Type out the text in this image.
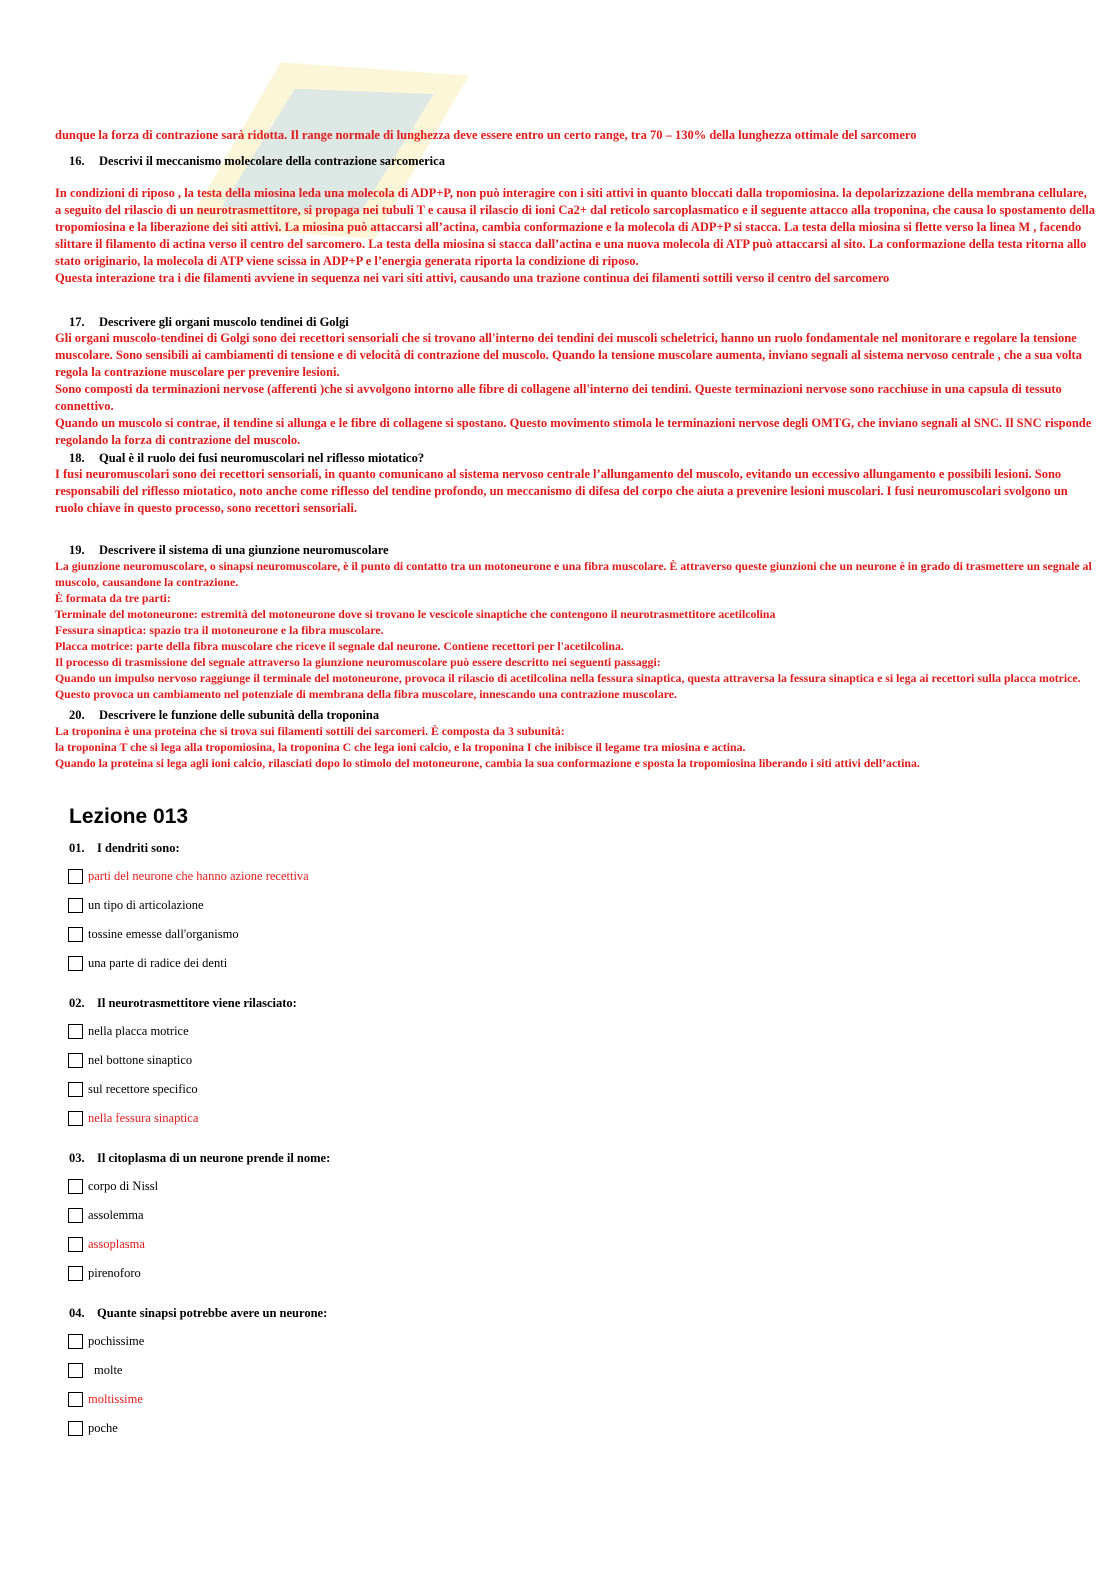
dunque la forza di contrazione sarà ridotta. Il range normale di lunghezza deve essere entro un certo range, tra 70 – 130% della lunghezza ottimale del sarcomero
16. Descrivi il meccanismo molecolare della contrazione sarcomerica
In condizioni di riposo , la testa della miosina leda una molecola di ADP+P, non può interagire con i siti attivi in quanto bloccati dalla tropomiosina. la depolarizzazione della membrana cellulare, a seguito del rilascio di un neurotrasmettitore, si propaga nei tubuli T e causa il rilascio di ioni Ca2+ dal reticolo sarcoplasmatico e il seguente attacco alla troponina, che causa lo spostamento della tropomiosina e la liberazione dei siti attivi. La miosina può attaccarsi all’actina, cambia conformazione e la molecola di ADP+P si stacca. La testa della miosina si flette verso la linea M , facendo slittare il filamento di actina verso il centro del sarcomero. La testa della miosina si stacca dall’actina e una nuova molecola di ATP può attaccarsi al sito. La conformazione della testa ritorna allo stato originario, la molecola di ATP viene scissa in ADP+P e l’energia generata riporta la condizione di riposo.
Questa interazione tra i die filamenti avviene in sequenza nei vari siti attivi, causando una trazione continua dei filamenti sottili verso il centro del sarcomero
17. Descrivere gli organi muscolo tendinei di Golgi
Gli organi muscolo-tendinei di Golgi sono dei recettori sensoriali che si trovano all'interno dei tendini dei muscoli scheletrici, hanno un ruolo fondamentale nel monitorare e regolare la tensione muscolare. Sono sensibili ai cambiamenti di tensione e di velocità di contrazione del muscolo. Quando la tensione muscolare aumenta, inviano segnali al sistema nervoso centrale , che a sua volta regola la contrazione muscolare per prevenire lesioni.
Sono composti da terminazioni nervose (afferenti )che si avvolgono intorno alle fibre di collagene all'interno dei tendini. Queste terminazioni nervose sono racchiuse in una capsula di tessuto connettivo.
Quando un muscolo si contrae, il tendine si allunga e le fibre di collagene si spostano. Questo movimento stimola le terminazioni nervose degli OMTG, che inviano segnali al SNC. Il SNC risponde regolando la forza di contrazione del muscolo.
18. Qual è il ruolo dei fusi neuromuscolari nel riflesso miotatico?
I fusi neuromuscolari sono dei recettori sensoriali, in quanto comunicano al sistema nervoso centrale l’allungamento del muscolo, evitando un eccessivo allungamento e possibili lesioni. Sono responsabili del riflesso miotatico, noto anche come riflesso del tendine profondo, un meccanismo di difesa del corpo che aiuta a prevenire lesioni muscolari. I fusi neuromuscolari svolgono un ruolo chiave in questo processo, sono recettori sensoriali.
19. Descrivere il sistema di una giunzione neuromuscolare
La giunzione neuromuscolare, o sinapsi neuromuscolare, è il punto di contatto tra un motoneurone e una fibra muscolare. È attraverso queste giunzioni che un neurone è in grado di trasmettere un segnale al muscolo, causandone la contrazione.
È formata da tre parti:
Terminale del motoneurone: estremità del motoneurone dove si trovano le vescicole sinaptiche che contengono il neurotrasmettitore acetilcolina
Fessura sinaptica: spazio tra il motoneurone e la fibra muscolare.
Placca motrice: parte della fibra muscolare che riceve il segnale dal neurone. Contiene recettori per l'acetilcolina.
Il processo di trasmissione del segnale attraverso la giunzione neuromuscolare può essere descritto nei seguenti passaggi:
Quando un impulso nervoso raggiunge il terminale del motoneurone, provoca il rilascio di acetilcolina nella fessura sinaptica, questa attraversa la fessura sinaptica e si lega ai recettori sulla placca motrice.
Questo provoca un cambiamento nel potenziale di membrana della fibra muscolare, innescando una contrazione muscolare.
20. Descrivere le funzione delle subunità della troponina
La troponina è una proteina che si trova sui filamenti sottili dei sarcomeri. È composta da 3 subunità:
la troponina T che si lega alla tropomiosina, la troponina C che lega ioni calcio, e la troponina I che inibisce il legame tra miosina e actina.
Quando la proteina si lega agli ioni calcio, rilasciati dopo lo stimolo del motoneurone, cambia la sua conformazione e sposta la tropomiosina liberando i siti attivi dell’actina.
Lezione 013
01. I dendriti sono:
parti del neurone che hanno azione recettiva
un tipo di articolazione
tossine emesse dall'organismo
una parte di radice dei denti
02. Il neurotrasmettitore viene rilasciato:
nella placca motrice
nel bottone sinaptico
sul recettore specifico
nella fessura sinaptica
03. Il citoplasma di un neurone prende il nome:
corpo di Nissl
assolemma
assoplasma
pirenoforo
04. Quante sinapsi potrebbe avere un neurone:
pochissime
molte
moltissime
poche
